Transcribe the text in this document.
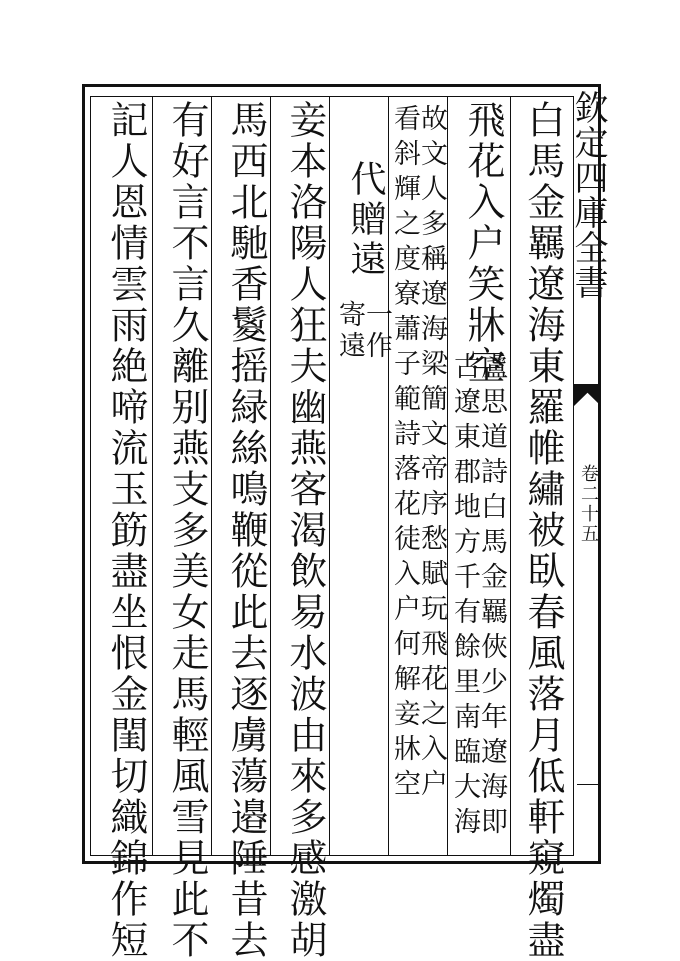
欽定四庫全書
卷二十五
白馬金羈遼海東羅帷繡被臥春風落月低軒窺燭盡
飛花入户笑牀空
盧思道詩白馬金羈俠少年遼海即
古遼東郡地方千有餘里南臨大海
故文人多稱遼海梁簡文帝序愁賦玩飛花之入户
看斜輝之度寮蕭子範詩落花徒入户何解妾牀空
代贈遠
一作
寄遠
妾本洛陽人狂夫幽燕客渴飲易水波由來多感激胡
馬西北馳香鬉摇緑絲鳴鞭從此去逐虜蕩邉陲昔去
有好言不言久離别燕支多美女走馬輕風雪見此不
記人恩情雲雨絶啼流玉筯盡坐恨金閨切織錦作短
